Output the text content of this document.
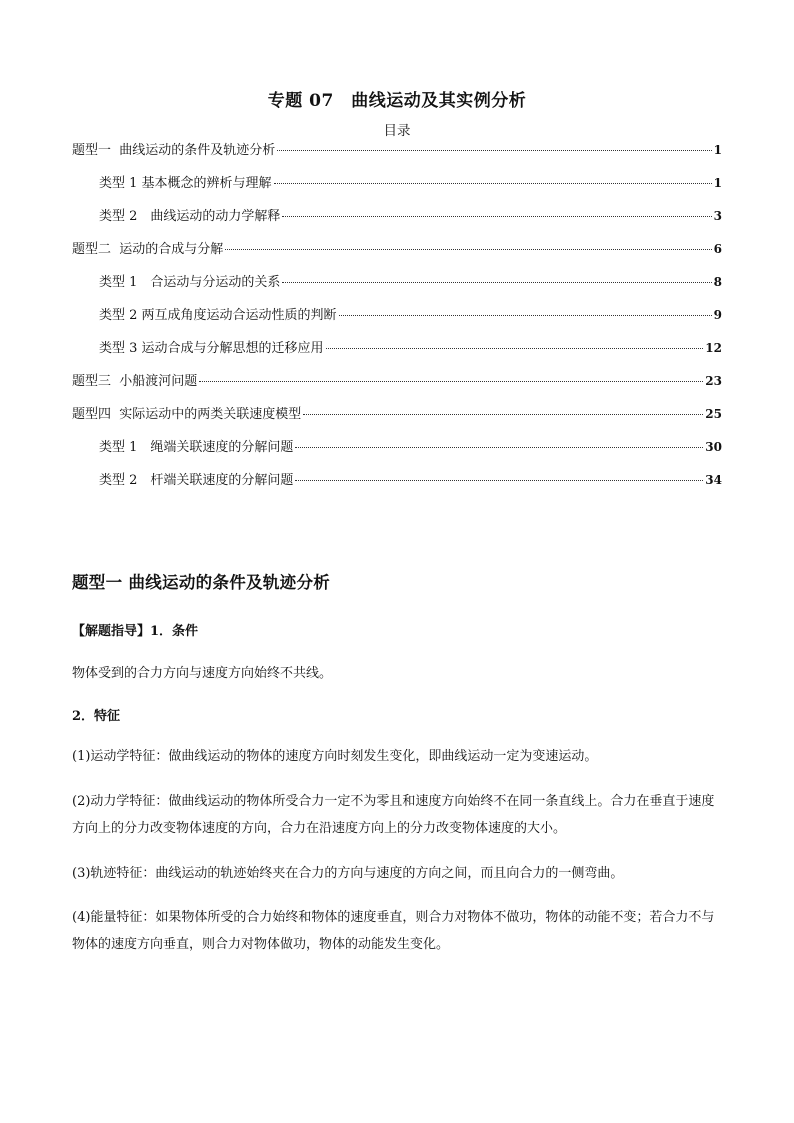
专题 07　曲线运动及其实例分析
目录
题型一  曲线运动的条件及轨迹分析	1
类型 1 基本概念的辨析与理解	1
类型 2　曲线运动的动力学解释	3
题型二  运动的合成与分解	6
类型 1　合运动与分运动的关系	8
类型 2 两互成角度运动合运动性质的判断	9
类型 3 运动合成与分解思想的迁移应用	12
题型三  小船渡河问题	23
题型四  实际运动中的两类关联速度模型	25
类型 1　绳端关联速度的分解问题	30
类型 2　杆端关联速度的分解问题	34
题型一 曲线运动的条件及轨迹分析
【解题指导】1．条件
物体受到的合力方向与速度方向始终不共线。
2．特征
(1)运动学特征：做曲线运动的物体的速度方向时刻发生变化，即曲线运动一定为变速运动。
(2)动力学特征：做曲线运动的物体所受合力一定不为零且和速度方向始终不在同一条直线上。合力在垂直于速度方向上的分力改变物体速度的方向，合力在沿速度方向上的分力改变物体速度的大小。
(3)轨迹特征：曲线运动的轨迹始终夹在合力的方向与速度的方向之间，而且向合力的一侧弯曲。
(4)能量特征：如果物体所受的合力始终和物体的速度垂直，则合力对物体不做功，物体的动能不变；若合力不与物体的速度方向垂直，则合力对物体做功，物体的动能发生变化。
